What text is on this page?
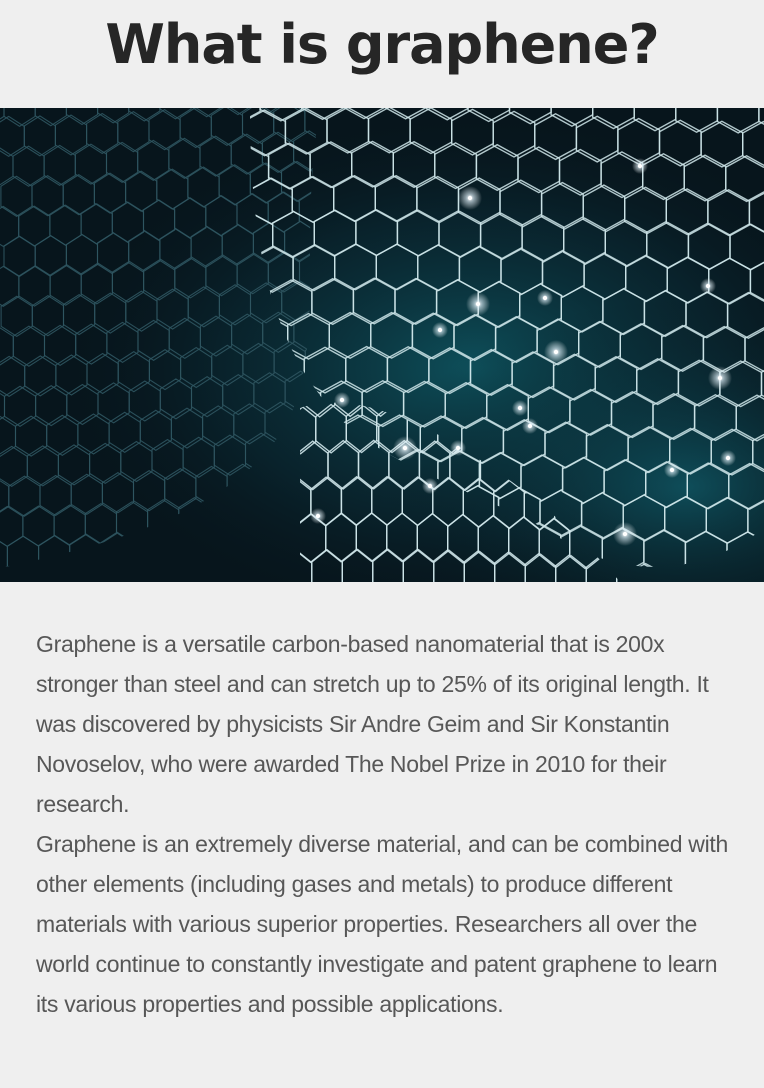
What is graphene?

Graphene is a versatile carbon-based nanomaterial that is 200x stronger than steel and can stretch up to 25% of its original length. It was discovered by physicists Sir Andre Geim and Sir Konstantin Novoselov, who were awarded The Nobel Prize in 2010 for their research.

Graphene is an extremely diverse material, and can be combined with other elements (including gases and metals) to produce different materials with various superior properties. Researchers all over the world continue to constantly investigate and patent graphene to learn its various properties and possible applications.
